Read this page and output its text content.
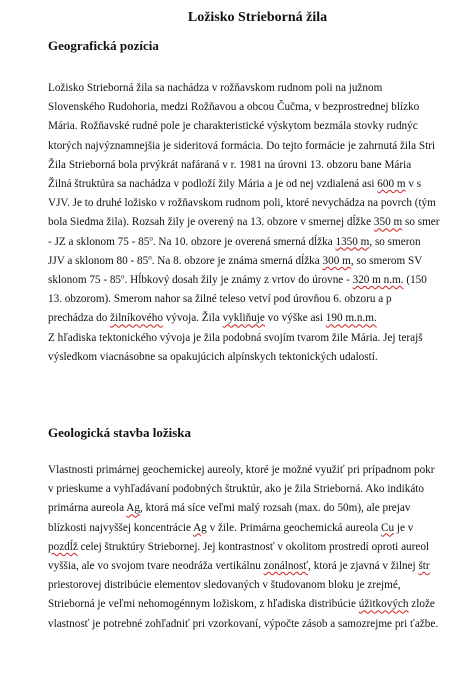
Ložisko Strieborná žila
Geografická pozícia
Ložisko Strieborná žila sa nachádza v rožňavskom rudnom poli na južnom
Slovenského Rudohoria, medzi Rožňavou a obcou Čučma, v bezprostrednej blízko
Mária. Rožňavské rudné pole je charakteristické výskytom bezmála stovky rudnýc
ktorých najvýznamnejšia je sideritová formácia. Do tejto formácie je zahrnutá žila Stri
Žila Strieborná bola prvýkrát nafáraná v r. 1981 na úrovni 13. obzoru bane Mária
Žilná štruktúra sa nachádza v podloží žily Mária a je od nej vzdialená asi 600 m v s
VJV. Je to druhé ložisko v rožňavskom rudnom poli, ktoré nevychádza na povrch (tým
bola Siedma žila). Rozsah žily je overený na 13. obzore v smernej dĺžke 350 m so smer
- JZ a sklonom 75 - 85$^o$. Na 10. obzore je overená smerná dĺžka 1350 m, so smeron
JJV a sklonom 80 - 85$^o$. Na 8. obzore je známa smerná dĺžka 300 m, so smerom SV
sklonom 75 - 85$^o$. Hĺbkový dosah žily je známy z vrtov do úrovne - 320 m n.m. (150
13. obzorom). Smerom nahor sa žilné teleso vetví pod úrovňou 6. obzoru a p
prechádza do žilníkového vývoja. Žila vykliňuje vo výške asi 190 m.n.m.
Z hľadiska tektonického vývoja je žila podobná svojím tvarom žile Mária. Jej terajš
výsledkom viacnásobne sa opakujúcich alpínskych tektonických udalostí.
Geologická stavba ložiska
Vlastnosti primárnej geochemickej aureoly, ktoré je možné využiť pri prípadnom pokr
v prieskume a vyhľadávaní podobných štruktúr, ako je žila Strieborná. Ako indikáto
primárna aureola Ag, ktorá má síce veľmi malý rozsah (max. do 50m), ale prejav
blízkosti najvyššej koncentrácie Ag v žile. Primárna geochemická aureola Cu je v
pozdĺž celej štruktúry Striebornej. Jej kontrastnosť v okolitom prostredí oproti aureol
vyššia, ale vo svojom tvare neodráža vertikálnu zonálnosť, ktorá je zjavná v žilnej štr
priestorovej distribúcie elementov sledovaných v študovanom bloku je zrejmé,
Strieborná je veľmi nehomogénnym ložiskom, z hľadiska distribúcie úžitkových zlože
vlastnosť je potrebné zohľadniť pri vzorkovaní, výpočte zásob a samozrejme pri ťažbe.
